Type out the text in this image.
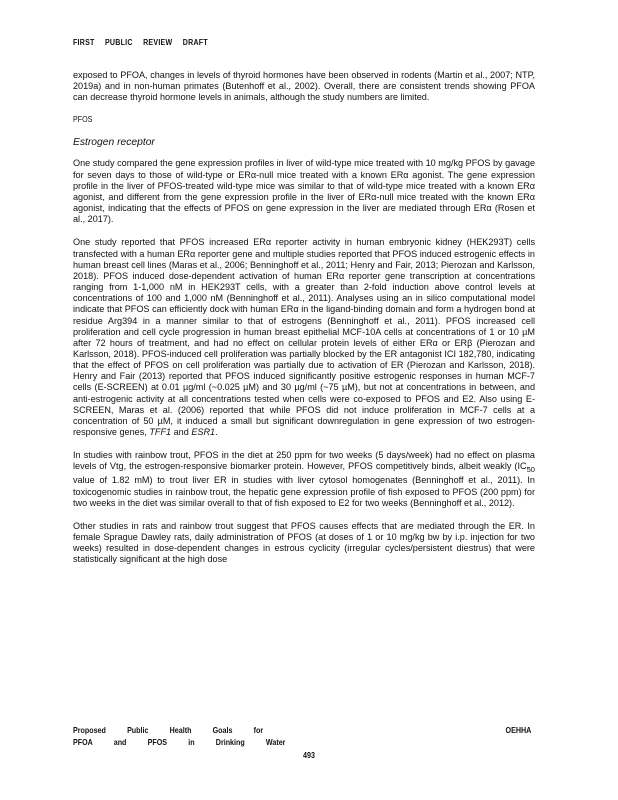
FIRST PUBLIC REVIEW DRAFT

exposed to PFOA, changes in levels of thyroid hormones have been observed in rodents (Martin et al., 2007; NTP, 2019a) and in non-human primates (Butenhoff et al., 2002). Overall, there are consistent trends showing PFOA can decrease thyroid hormone levels in animals, although the study numbers are limited.

PFOS
Estrogen receptor

One study compared the gene expression profiles in liver of wild-type mice treated with 10 mg/kg PFOS by gavage for seven days to those of wild-type or ERα-null mice treated with a known ERα agonist. The gene expression profile in the liver of PFOS-treated wild-type mice was similar to that of wild-type mice treated with a known ERα agonist, and different from the gene expression profile in the liver of ERα-null mice treated with the known ERα agonist, indicating that the effects of PFOS on gene expression in the liver are mediated through ERα (Rosen et al., 2017).

One study reported that PFOS increased ERα reporter activity in human embryonic kidney (HEK293T) cells transfected with a human ERα reporter gene and multiple studies reported that PFOS induced estrogenic effects in human breast cell lines (Maras et al., 2006; Benninghoff et al., 2011; Henry and Fair, 2013; Pierozan and Karlsson, 2018). PFOS induced dose-dependent activation of human ERα reporter gene transcription at concentrations ranging from 1-1,000 nM in HEK293T cells, with a greater than 2-fold induction above control levels at concentrations of 100 and 1,000 nM (Benninghoff et al., 2011). Analyses using an in silico computational model indicate that PFOS can efficiently dock with human ERα in the ligand-binding domain and form a hydrogen bond at residue Arg394 in a manner similar to that of estrogens (Benninghoff et al., 2011). PFOS increased cell proliferation and cell cycle progression in human breast epithelial MCF-10A cells at concentrations of 1 or 10 µM after 72 hours of treatment, and had no effect on cellular protein levels of either ERα or ERβ (Pierozan and Karlsson, 2018). PFOS-induced cell proliferation was partially blocked by the ER antagonist ICI 182,780, indicating that the effect of PFOS on cell proliferation was partially due to activation of ER (Pierozan and Karlsson, 2018). Henry and Fair (2013) reported that PFOS induced significantly positive estrogenic responses in human MCF-7 cells (E-SCREEN) at 0.01 µg/ml (~0.025 µM) and 30 µg/ml (~75 µM), but not at concentrations in between, and anti-estrogenic activity at all concentrations tested when cells were co-exposed to PFOS and E2. Also using E-SCREEN, Maras et al. (2006) reported that while PFOS did not induce proliferation in MCF-7 cells at a concentration of 50 µM, it induced a small but significant downregulation in gene expression of two estrogen-responsive genes, TFF1 and ESR1.

In studies with rainbow trout, PFOS in the diet at 250 ppm for two weeks (5 days/week) had no effect on plasma levels of Vtg, the estrogen-responsive biomarker protein. However, PFOS competitively binds, albeit weakly ($IC_{50}$ value of 1.82 mM) to trout liver ER in studies with liver cytosol homogenates (Benninghoff et al., 2011). In toxicogenomic studies in rainbow trout, the hepatic gene expression profile of fish exposed to PFOS (200 ppm) for two weeks in the diet was similar overall to that of fish exposed to E2 for two weeks (Benninghoff et al., 2012).

Other studies in rats and rainbow trout suggest that PFOS causes effects that are mediated through the ER. In female Sprague Dawley rats, daily administration of PFOS (at doses of 1 or 10 mg/kg bw by i.p. injection for two weeks) resulted in dose-dependent changes in estrous cyclicity (irregular cycles/persistent diestrus) that were statistically significant at the high dose

Proposed   Public   Health   Goals   for
PFOA   and   PFOS   in   Drinking   Water
OEHHA
493
